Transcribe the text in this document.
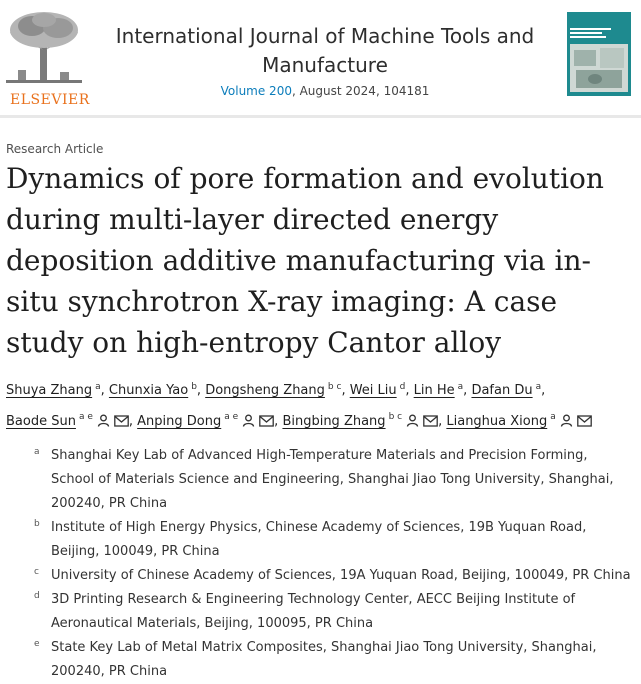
ELSEVIER
International Journal of Machine Tools and Manufacture
Volume 200, August 2024, 104181
Research Article
Dynamics of pore formation and evolution during multi-layer directed energy deposition additive manufacturing via in-situ synchrotron X-ray imaging: A case study on high-entropy Cantor alloy
Shuya Zhang $^a$, Chunxia Yao $^b$, Dongsheng Zhang $^{b c}$, Wei Liu $^d$, Lin He $^a$, Dafan Du $^a$, Baode Sun $^{a e}$	, Anping Dong $^{a e}$	, Bingbing Zhang $^{b c}$	, Lianghua Xiong $^a$
a Shanghai Key Lab of Advanced High-Temperature Materials and Precision Forming, School of Materials Science and Engineering, Shanghai Jiao Tong University, Shanghai, 200240, PR China
b Institute of High Energy Physics, Chinese Academy of Sciences, 19B Yuquan Road, Beijing, 100049, PR China
c University of Chinese Academy of Sciences, 19A Yuquan Road, Beijing, 100049, PR China
d 3D Printing Research & Engineering Technology Center, AECC Beijing Institute of Aeronautical Materials, Beijing, 100095, PR China
e State Key Lab of Metal Matrix Composites, Shanghai Jiao Tong University, Shanghai, 200240, PR China
